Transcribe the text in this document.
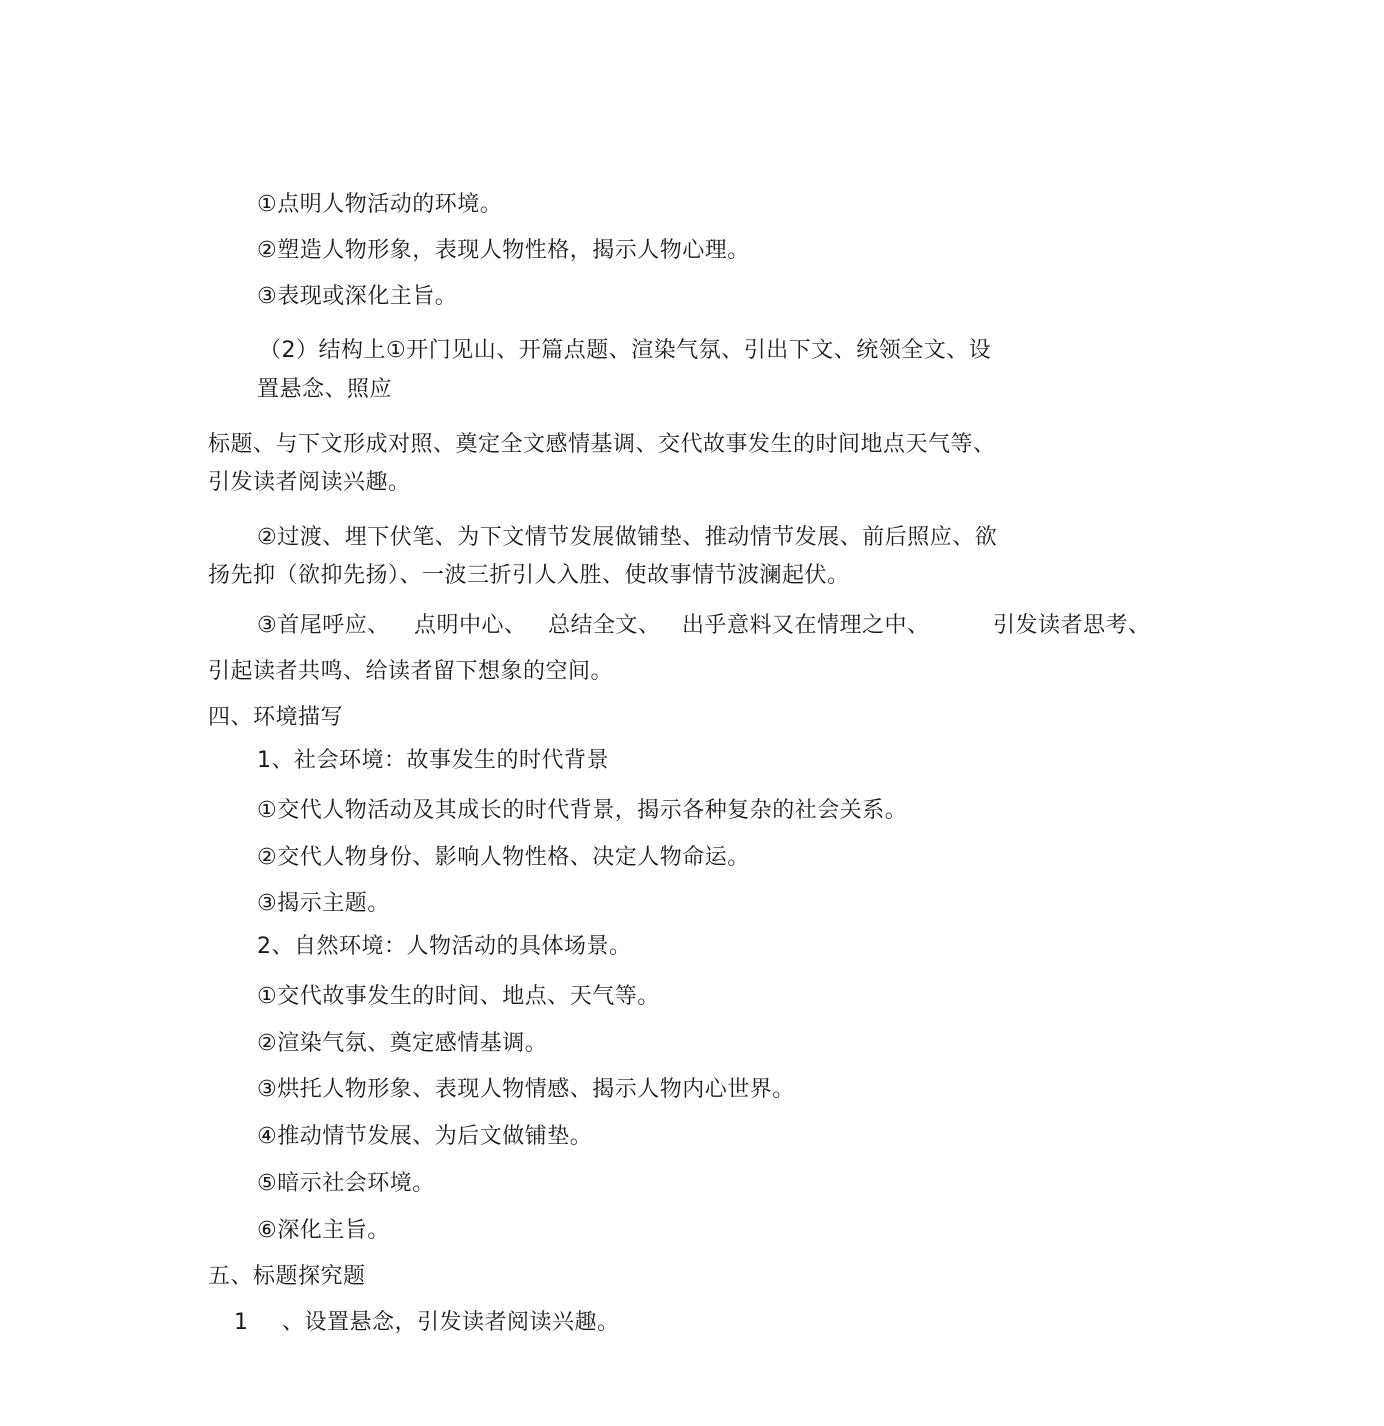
①点明人物活动的环境。
②塑造人物形象，表现人物性格，揭示人物心理。
③表现或深化主旨。
（2）结构上①开门见山、开篇点题、渲染气氛、引出下文、统领全文、设
置悬念、照应
标题、与下文形成对照、奠定全文感情基调、交代故事发生的时间地点天气等、
引发读者阅读兴趣。
②过渡、埋下伏笔、为下文情节发展做铺垫、推动情节发展、前后照应、欲
扬先抑（欲抑先扬）、一波三折引人入胜、使故事情节波澜起伏。
③首尾呼应、 点明中心、 总结全文、 出乎意料又在情理之中、	引发读者思考、
引起读者共鸣、给读者留下想象的空间。
四、环境描写
1、社会环境：故事发生的时代背景
①交代人物活动及其成长的时代背景，揭示各种复杂的社会关系。
②交代人物身份、影响人物性格、决定人物命运。
③揭示主题。
2、自然环境：人物活动的具体场景。
①交代故事发生的时间、地点、天气等。
②渲染气氛、奠定感情基调。
③烘托人物形象、表现人物情感、揭示人物内心世界。
④推动情节发展、为后文做铺垫。
⑤暗示社会环境。
⑥深化主旨。
五、标题探究题
1 、设置悬念，引发读者阅读兴趣。
